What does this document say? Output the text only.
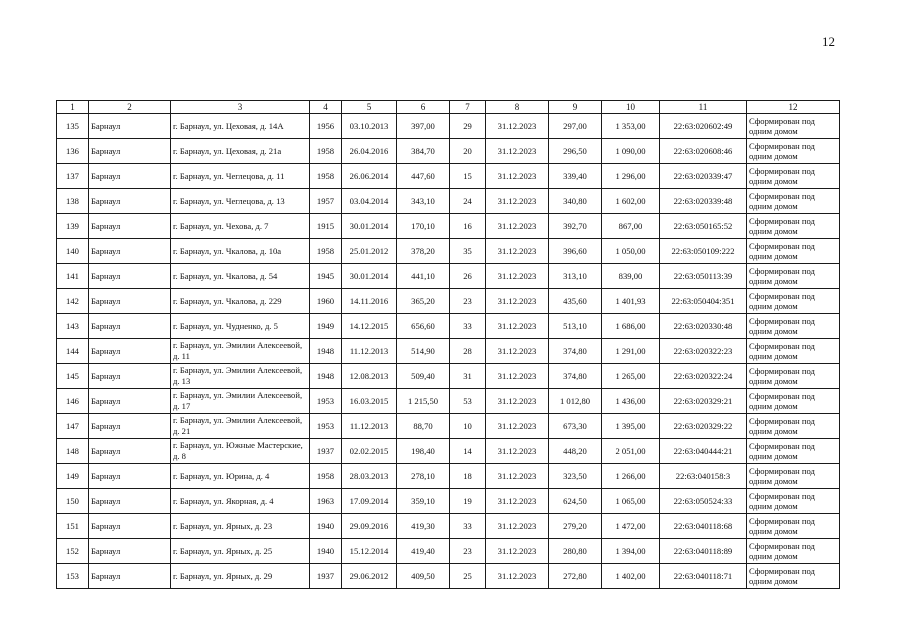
12
1	2	3	4	5	6	7	8	9	10	11	12
135	Барнаул	г. Барнаул, ул. Цеховая, д. 14А	1956	03.10.2013	397,00	29	31.12.2023	297,00	1 353,00	22:63:020602:49	Сформирован под одним домом
136	Барнаул	г. Барнаул, ул. Цеховая, д. 21а	1958	26.04.2016	384,70	20	31.12.2023	296,50	1 090,00	22:63:020608:46	Сформирован под одним домом
137	Барнаул	г. Барнаул, ул. Чеглецова, д. 11	1958	26.06.2014	447,60	15	31.12.2023	339,40	1 296,00	22:63:020339:47	Сформирован под одним домом
138	Барнаул	г. Барнаул, ул. Чеглецова, д. 13	1957	03.04.2014	343,10	24	31.12.2023	340,80	1 602,00	22:63:020339:48	Сформирован под одним домом
139	Барнаул	г. Барнаул, ул. Чехова, д. 7	1915	30.01.2014	170,10	16	31.12.2023	392,70	867,00	22:63:050165:52	Сформирован под одним домом
140	Барнаул	г. Барнаул, ул. Чкалова, д. 10а	1958	25.01.2012	378,20	35	31.12.2023	396,60	1 050,00	22:63:050109:222	Сформирован под одним домом
141	Барнаул	г. Барнаул, ул. Чкалова, д. 54	1945	30.01.2014	441,10	26	31.12.2023	313,10	839,00	22:63:050113:39	Сформирован под одним домом
142	Барнаул	г. Барнаул, ул. Чкалова, д. 229	1960	14.11.2016	365,20	23	31.12.2023	435,60	1 401,93	22:63:050404:351	Сформирован под одним домом
143	Барнаул	г. Барнаул, ул. Чудненко, д. 5	1949	14.12.2015	656,60	33	31.12.2023	513,10	1 686,00	22:63:020330:48	Сформирован под одним домом
144	Барнаул	г. Барнаул, ул. Эмилии Алексеевой, д. 11	1948	11.12.2013	514,90	28	31.12.2023	374,80	1 291,00	22:63:020322:23	Сформирован под одним домом
145	Барнаул	г. Барнаул, ул. Эмилии Алексеевой, д. 13	1948	12.08.2013	509,40	31	31.12.2023	374,80	1 265,00	22:63:020322:24	Сформирован под одним домом
146	Барнаул	г. Барнаул, ул. Эмилии Алексеевой, д. 17	1953	16.03.2015	1 215,50	53	31.12.2023	1 012,80	1 436,00	22:63:020329:21	Сформирован под одним домом
147	Барнаул	г. Барнаул, ул. Эмилии Алексеевой, д. 21	1953	11.12.2013	88,70	10	31.12.2023	673,30	1 395,00	22:63:020329:22	Сформирован под одним домом
148	Барнаул	г. Барнаул, ул. Южные Мастерские, д. 8	1937	02.02.2015	198,40	14	31.12.2023	448,20	2 051,00	22:63:040444:21	Сформирован под одним домом
149	Барнаул	г. Барнаул, ул. Юрина, д. 4	1958	28.03.2013	278,10	18	31.12.2023	323,50	1 266,00	22:63:040158:3	Сформирован под одним домом
150	Барнаул	г. Барнаул, ул. Якорная, д. 4	1963	17.09.2014	359,10	19	31.12.2023	624,50	1 065,00	22:63:050524:33	Сформирован под одним домом
151	Барнаул	г. Барнаул, ул. Ярных, д. 23	1940	29.09.2016	419,30	33	31.12.2023	279,20	1 472,00	22:63:040118:68	Сформирован под одним домом
152	Барнаул	г. Барнаул, ул. Ярных, д. 25	1940	15.12.2014	419,40	23	31.12.2023	280,80	1 394,00	22:63:040118:89	Сформирован под одним домом
153	Барнаул	г. Барнаул, ул. Ярных, д. 29	1937	29.06.2012	409,50	25	31.12.2023	272,80	1 402,00	22:63:040118:71	Сформирован под одним домом
